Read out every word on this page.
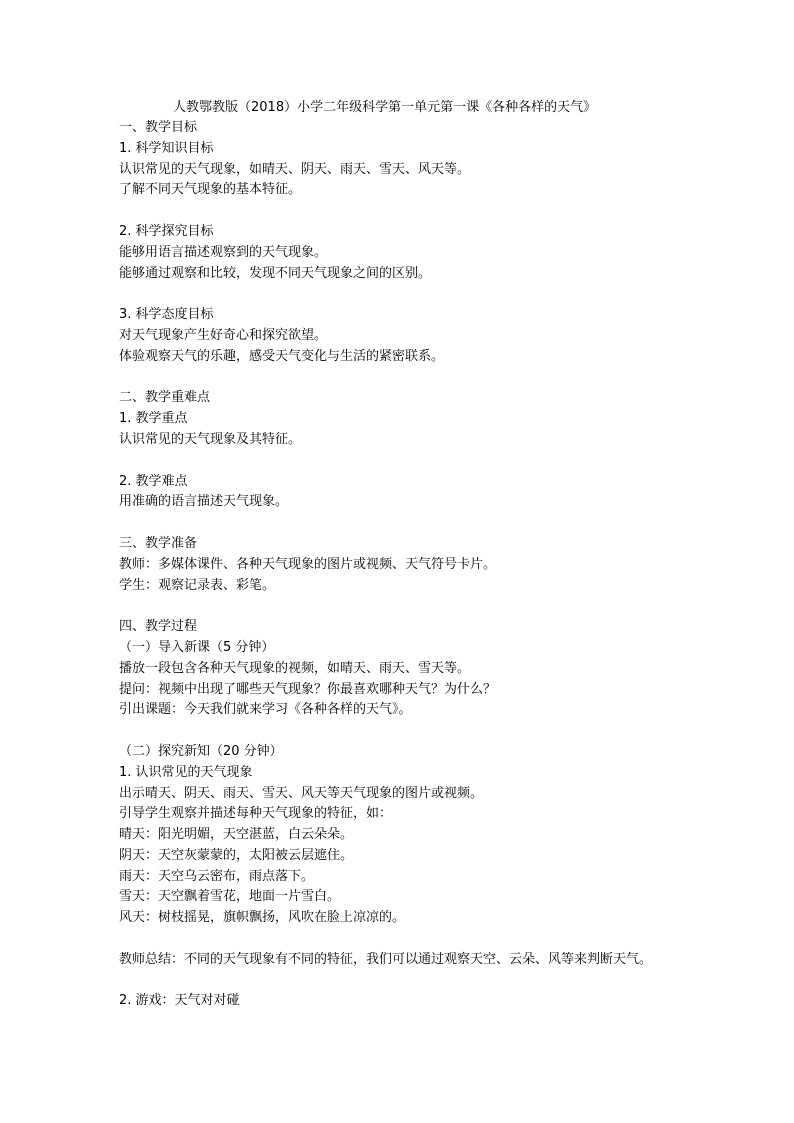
人教鄂教版（2018）小学二年级科学第一单元第一课《各种各样的天气》
一、教学目标
1. 科学知识目标
认识常见的天气现象，如晴天、阴天、雨天、雪天、风天等。
了解不同天气现象的基本特征。
2. 科学探究目标
能够用语言描述观察到的天气现象。
能够通过观察和比较，发现不同天气现象之间的区别。
3. 科学态度目标
对天气现象产生好奇心和探究欲望。
体验观察天气的乐趣，感受天气变化与生活的紧密联系。
二、教学重难点
1. 教学重点
认识常见的天气现象及其特征。
2. 教学难点
用准确的语言描述天气现象。
三、教学准备
教师：多媒体课件、各种天气现象的图片或视频、天气符号卡片。
学生：观察记录表、彩笔。
四、教学过程
（一）导入新课（5 分钟）
播放一段包含各种天气现象的视频，如晴天、雨天、雪天等。
提问：视频中出现了哪些天气现象？你最喜欢哪种天气？为什么？
引出课题：今天我们就来学习《各种各样的天气》。
（二）探究新知（20 分钟）
1. 认识常见的天气现象
出示晴天、阴天、雨天、雪天、风天等天气现象的图片或视频。
引导学生观察并描述每种天气现象的特征，如：
晴天：阳光明媚，天空湛蓝，白云朵朵。
阴天：天空灰蒙蒙的，太阳被云层遮住。
雨天：天空乌云密布，雨点落下。
雪天：天空飘着雪花，地面一片雪白。
风天：树枝摇晃，旗帜飘扬，风吹在脸上凉凉的。
教师总结：不同的天气现象有不同的特征，我们可以通过观察天空、云朵、风等来判断天气。
2. 游戏：天气对对碰
